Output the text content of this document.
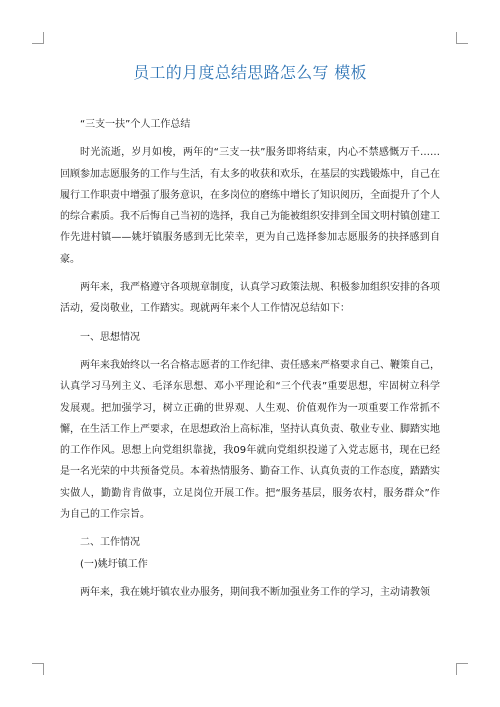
员工的月度总结思路怎么写 模板

“三支一扶”个人工作总结

时光流逝，岁月如梭，两年的“三支一扶”服务即将结束，内心不禁感慨万千……回顾参加志愿服务的工作与生活，有太多的收获和欢乐，在基层的实践锻炼中，自己在履行工作职责中增强了服务意识，在多岗位的磨练中增长了知识阅历，全面提升了个人的综合素质。我不后悔自己当初的选择，我自己为能被组织安排到全国文明村镇创建工作先进村镇——姚圩镇服务感到无比荣幸，更为自己选择参加志愿服务的抉择感到自豪。

两年来，我严格遵守各项规章制度，认真学习政策法规、积极参加组织安排的各项活动，爱岗敬业，工作踏实。现就两年来个人工作情况总结如下：

一、思想情况

两年来我始终以一名合格志愿者的工作纪律、责任感来严格要求自己、鞭策自己，认真学习马列主义、毛泽东思想、邓小平理论和“三个代表”重要思想，牢固树立科学发展观。把加强学习，树立正确的世界观、人生观、价值观作为一项重要工作常抓不懈，在生活工作上严要求，在思想政治上高标准，坚持认真负责、敬业专业、脚踏实地的工作作风。思想上向党组织靠拢，我09年就向党组织投递了入党志愿书，现在已经是一名光荣的中共预备党员。本着热情服务、勤奋工作、认真负责的工作态度，踏踏实实做人，勤勤肯肯做事，立足岗位开展工作。把“服务基层，服务农村，服务群众”作为自己的工作宗旨。

二、工作情况

(一)姚圩镇工作

两年来，我在姚圩镇农业办服务，期间我不断加强业务工作的学习，主动请教领
